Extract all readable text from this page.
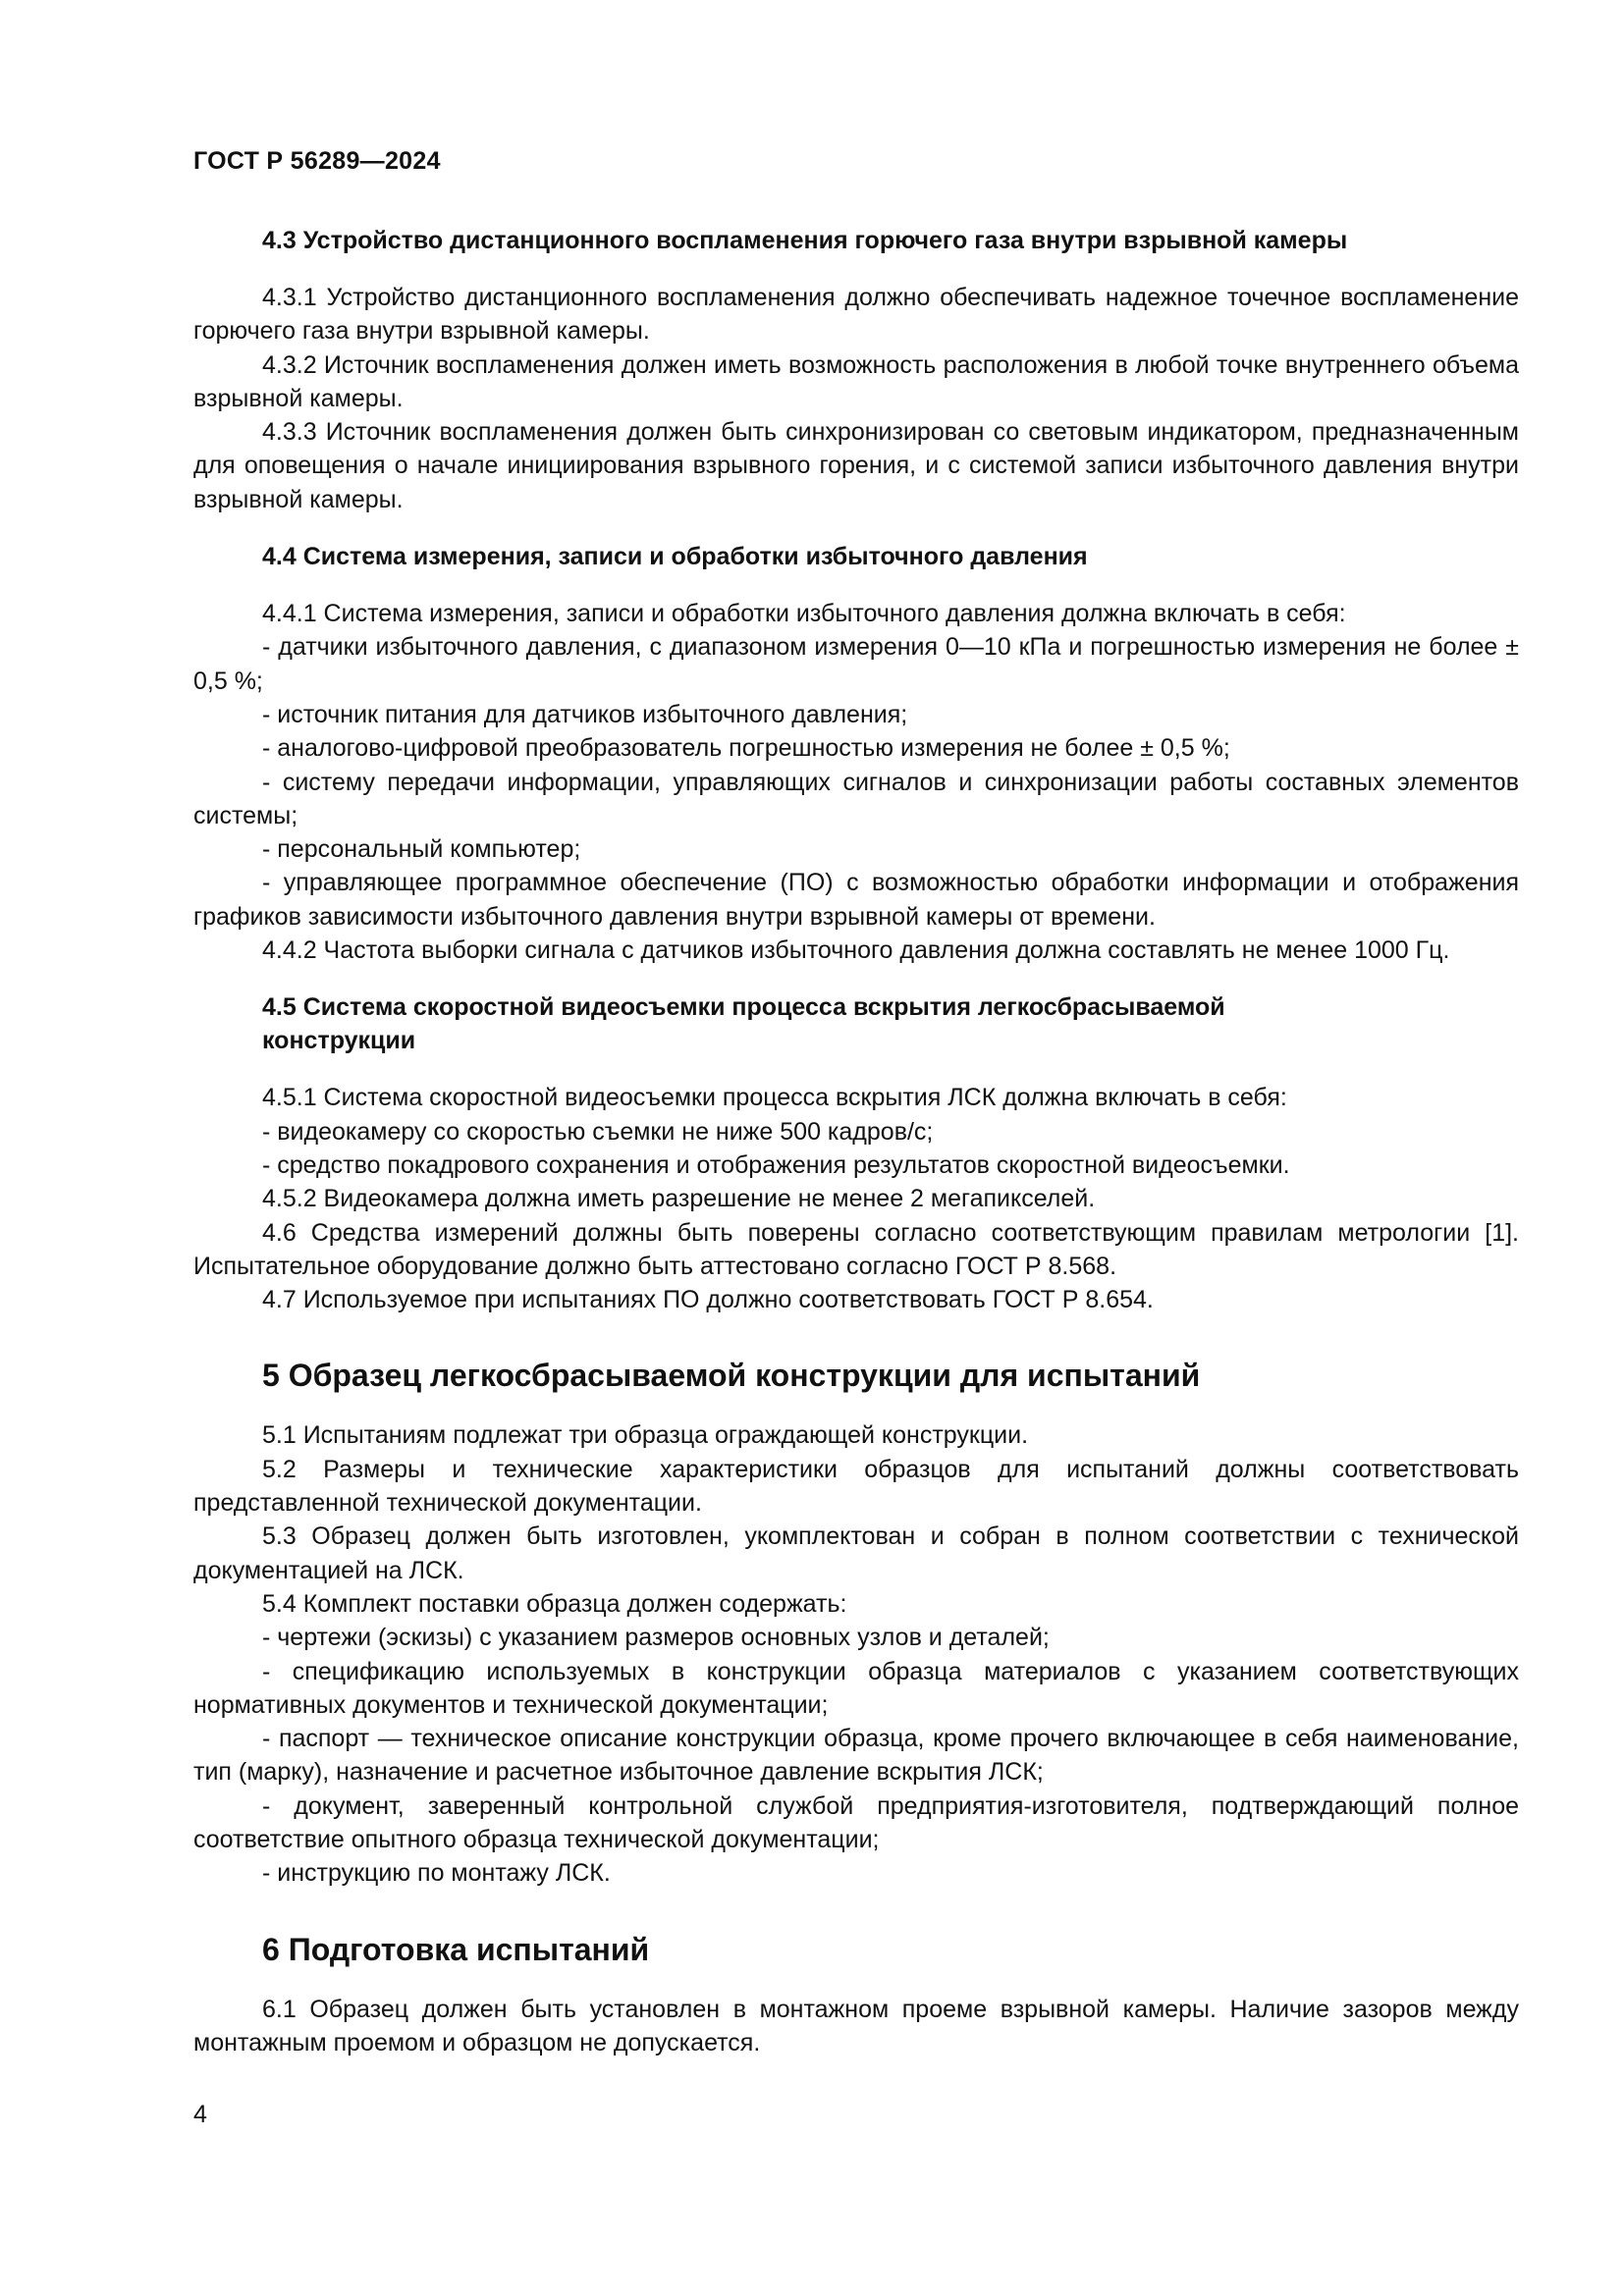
ГОСТ Р 56289—2024
4.3 Устройство дистанционного воспламенения горючего газа внутри взрывной камеры

4.3.1 Устройство дистанционного воспламенения должно обеспечивать надежное точечное воспламенение горючего газа внутри взрывной камеры.

4.3.2 Источник воспламенения должен иметь возможность расположения в любой точке внутреннего объема взрывной камеры.

4.3.3 Источник воспламенения должен быть синхронизирован со световым индикатором, предназначенным для оповещения о начале инициирования взрывного горения, и с системой записи избыточного давления внутри взрывной камеры.

4.4 Система измерения, записи и обработки избыточного давления

4.4.1 Система измерения, записи и обработки избыточного давления должна включать в себя:

- датчики избыточного давления, с диапазоном измерения 0—10 кПа и погрешностью измерения не более ± 0,5 %;

- источник питания для датчиков избыточного давления;

- аналогово-цифровой преобразователь погрешностью измерения не более ± 0,5 %;

- систему передачи информации, управляющих сигналов и синхронизации работы составных элементов системы;

- персональный компьютер;

- управляющее программное обеспечение (ПО) с возможностью обработки информации и отображения графиков зависимости избыточного давления внутри взрывной камеры от времени.

4.4.2 Частота выборки сигнала с датчиков избыточного давления должна составлять не менее 1000 Гц.

4.5 Система скоростной видеосъемки процесса вскрытия легкосбрасываемой
конструкции

4.5.1 Система скоростной видеосъемки процесса вскрытия ЛСК должна включать в себя:

- видеокамеру со скоростью съемки не ниже 500 кадров/с;

- средство покадрового сохранения и отображения результатов скоростной видеосъемки.

4.5.2 Видеокамера должна иметь разрешение не менее 2 мегапикселей.

4.6 Средства измерений должны быть поверены согласно соответствующим правилам метрологии [1]. Испытательное оборудование должно быть аттестовано согласно ГОСТ Р 8.568.

4.7 Используемое при испытаниях ПО должно соответствовать ГОСТ Р 8.654.

5 Образец легкосбрасываемой конструкции для испытаний

5.1 Испытаниям подлежат три образца ограждающей конструкции.

5.2 Размеры и технические характеристики образцов для испытаний должны соответствовать представленной технической документации.

5.3 Образец должен быть изготовлен, укомплектован и собран в полном соответствии с технической документацией на ЛСК.

5.4 Комплект поставки образца должен содержать:

- чертежи (эскизы) с указанием размеров основных узлов и деталей;

- спецификацию используемых в конструкции образца материалов с указанием соответствующих нормативных документов и технической документации;

- паспорт — техническое описание конструкции образца, кроме прочего включающее в себя наименование, тип (марку), назначение и расчетное избыточное давление вскрытия ЛСК;

- документ, заверенный контрольной службой предприятия-изготовителя, подтверждающий полное соответствие опытного образца технической документации;

- инструкцию по монтажу ЛСК.

6 Подготовка испытаний

6.1 Образец должен быть установлен в монтажном проеме взрывной камеры. Наличие зазоров между монтажным проемом и образцом не допускается.

4
